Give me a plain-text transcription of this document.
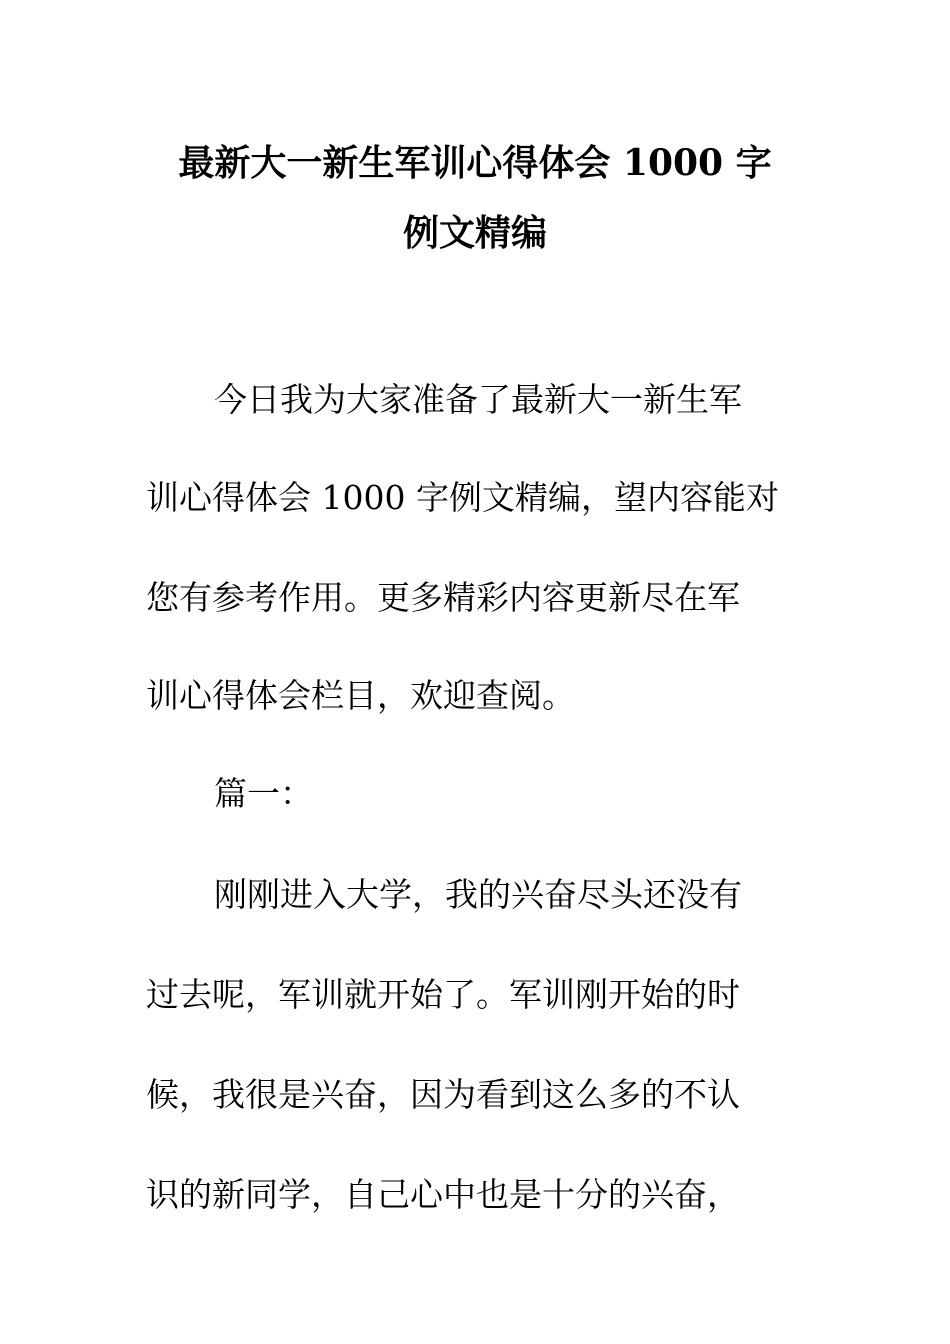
最新大一新生军训心得体会 1000 字
例文精编

今日我为大家准备了最新大一新生军

训心得体会 1000 字例文精编，望内容能对

您有参考作用。更多精彩内容更新尽在军

训心得体会栏目，欢迎查阅。

篇一：

刚刚进入大学，我的兴奋尽头还没有

过去呢，军训就开始了。军训刚开始的时

候，我很是兴奋，因为看到这么多的不认

识的新同学，自己心中也是十分的兴奋，
